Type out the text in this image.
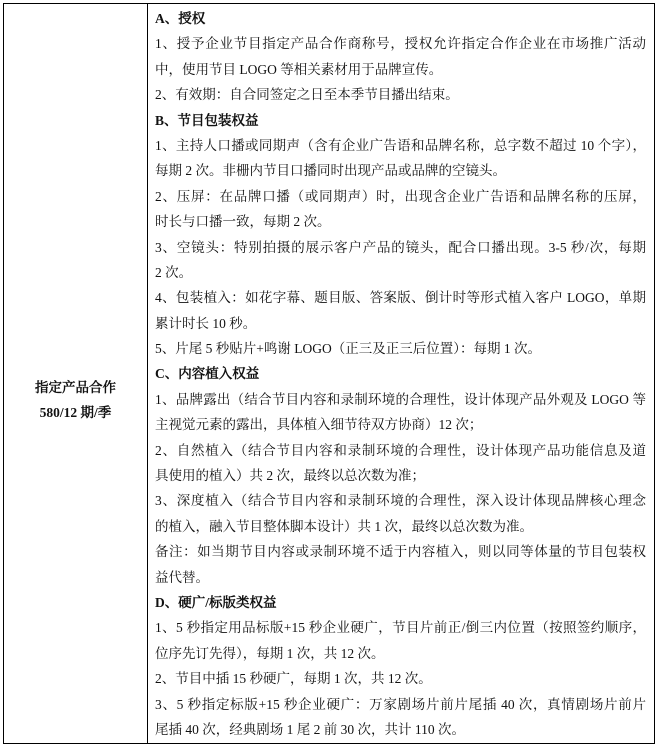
指定产品合作
580/12 期/季
A、授权
1、授予企业节目指定产品合作商称号，授权允许指定合作企业在市场推广活动
中，使用节目 LOGO 等相关素材用于品牌宣传。
2、有效期：自合同签定之日至本季节目播出结束。
B、节目包装权益
1、主持人口播或同期声（含有企业广告语和品牌名称，总字数不超过 10 个字），
每期 2 次。非栅内节目口播同时出现产品或品牌的空镜头。
2、压屏：在品牌口播（或同期声）时，出现含企业广告语和品牌名称的压屏，
时长与口播一致，每期 2 次。
3、空镜头：特别拍摄的展示客户产品的镜头，配合口播出现。3-5 秒/次，每期
2 次。
4、包装植入：如花字幕、题目版、答案版、倒计时等形式植入客户 LOGO，单期
累计时长 10 秒。
5、片尾 5 秒贴片+鸣谢 LOGO（正三及正三后位置）：每期 1 次。
C、内容植入权益
1、品牌露出（结合节目内容和录制环境的合理性，设计体现产品外观及 LOGO 等
主视觉元素的露出，具体植入细节待双方协商）12 次；
2、自然植入（结合节目内容和录制环境的合理性，设计体现产品功能信息及道
具使用的植入）共 2 次，最终以总次数为准；
3、深度植入（结合节目内容和录制环境的合理性，深入设计体现品牌核心理念
的植入，融入节目整体脚本设计）共 1 次，最终以总次数为准。
备注：如当期节目内容或录制环境不适于内容植入，则以同等体量的节目包装权
益代替。
D、硬广/标版类权益
1、5 秒指定用品标版+15 秒企业硬广，节目片前正/倒三内位置（按照签约顺序，
位序先订先得），每期 1 次，共 12 次。
2、节目中插 15 秒硬广，每期 1 次，共 12 次。
3、5 秒指定标版+15 秒企业硬广：万家剧场片前片尾插 40 次，真情剧场片前片
尾插 40 次，经典剧场 1 尾 2 前 30 次，共计 110 次。
